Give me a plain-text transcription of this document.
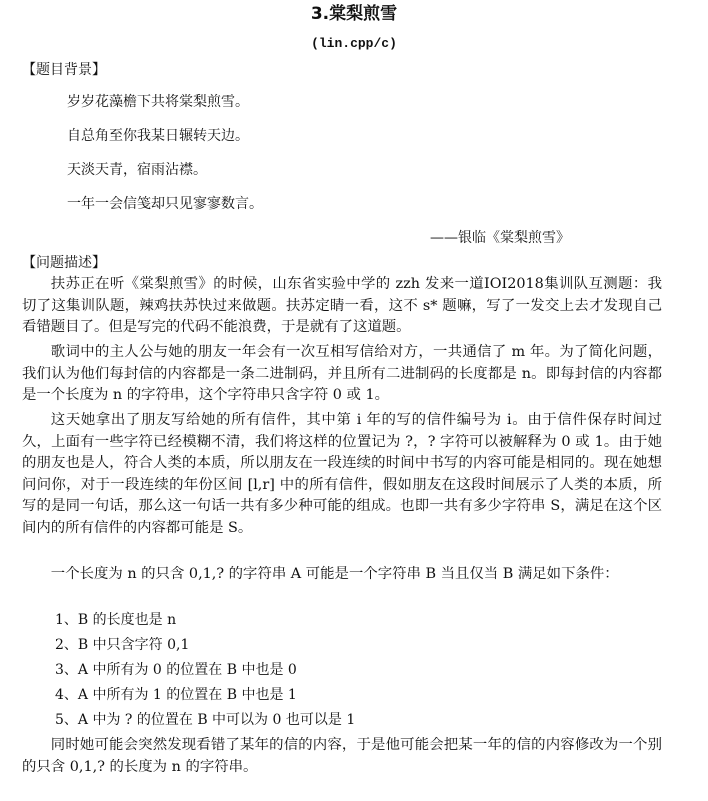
3.棠梨煎雪
(lin.cpp/c)
【题目背景】
岁岁花藻檐下共将棠梨煎雪。
自总角至你我某日辗转天边。
天淡天青，宿雨沾襟。
一年一会信笺却只见寥寥数言。
——银临《棠梨煎雪》
【问题描述】
扶苏正在听《棠梨煎雪》的时候，山东省实验中学的 zzh 发来一道IOI2018集训队互测题：我切了这集训队题，辣鸡扶苏快过来做题。扶苏定睛一看，这不 s* 题嘛，写了一发交上去才发现自己看错题目了。但是写完的代码不能浪费，于是就有了这道题。
歌词中的主人公与她的朋友一年会有一次互相写信给对方，一共通信了 m 年。为了简化问题，我们认为他们每封信的内容都是一条二进制码，并且所有二进制码的长度都是 n。即每封信的内容都是一个长度为 n 的字符串，这个字符串只含字符 0 或 1。
这天她拿出了朋友写给她的所有信件，其中第 i 年的写的信件编号为 i。由于信件保存时间过久，上面有一些字符已经模糊不清，我们将这样的位置记为 ?，? 字符可以被解释为 0 或 1。由于她的朋友也是人，符合人类的本质，所以朋友在一段连续的时间中书写的内容可能是相同的。现在她想问问你，对于一段连续的年份区间 [l,r] 中的所有信件，假如朋友在这段时间展示了人类的本质，所写的是同一句话，那么这一句话一共有多少种可能的组成。也即一共有多少字符串 S，满足在这个区间内的所有信件的内容都可能是 S。
一个长度为 n 的只含 0,1,? 的字符串 A 可能是一个字符串 B 当且仅当 B 满足如下条件：
1、B 的长度也是 n
2、B 中只含字符 0,1
3、A 中所有为 0 的位置在 B 中也是 0
4、A 中所有为 1 的位置在 B 中也是 1
5、A 中为 ? 的位置在 B 中可以为 0 也可以是 1
同时她可能会突然发现看错了某年的信的内容，于是他可能会把某一年的信的内容修改为一个别的只含 0,1,? 的长度为 n 的字符串。
